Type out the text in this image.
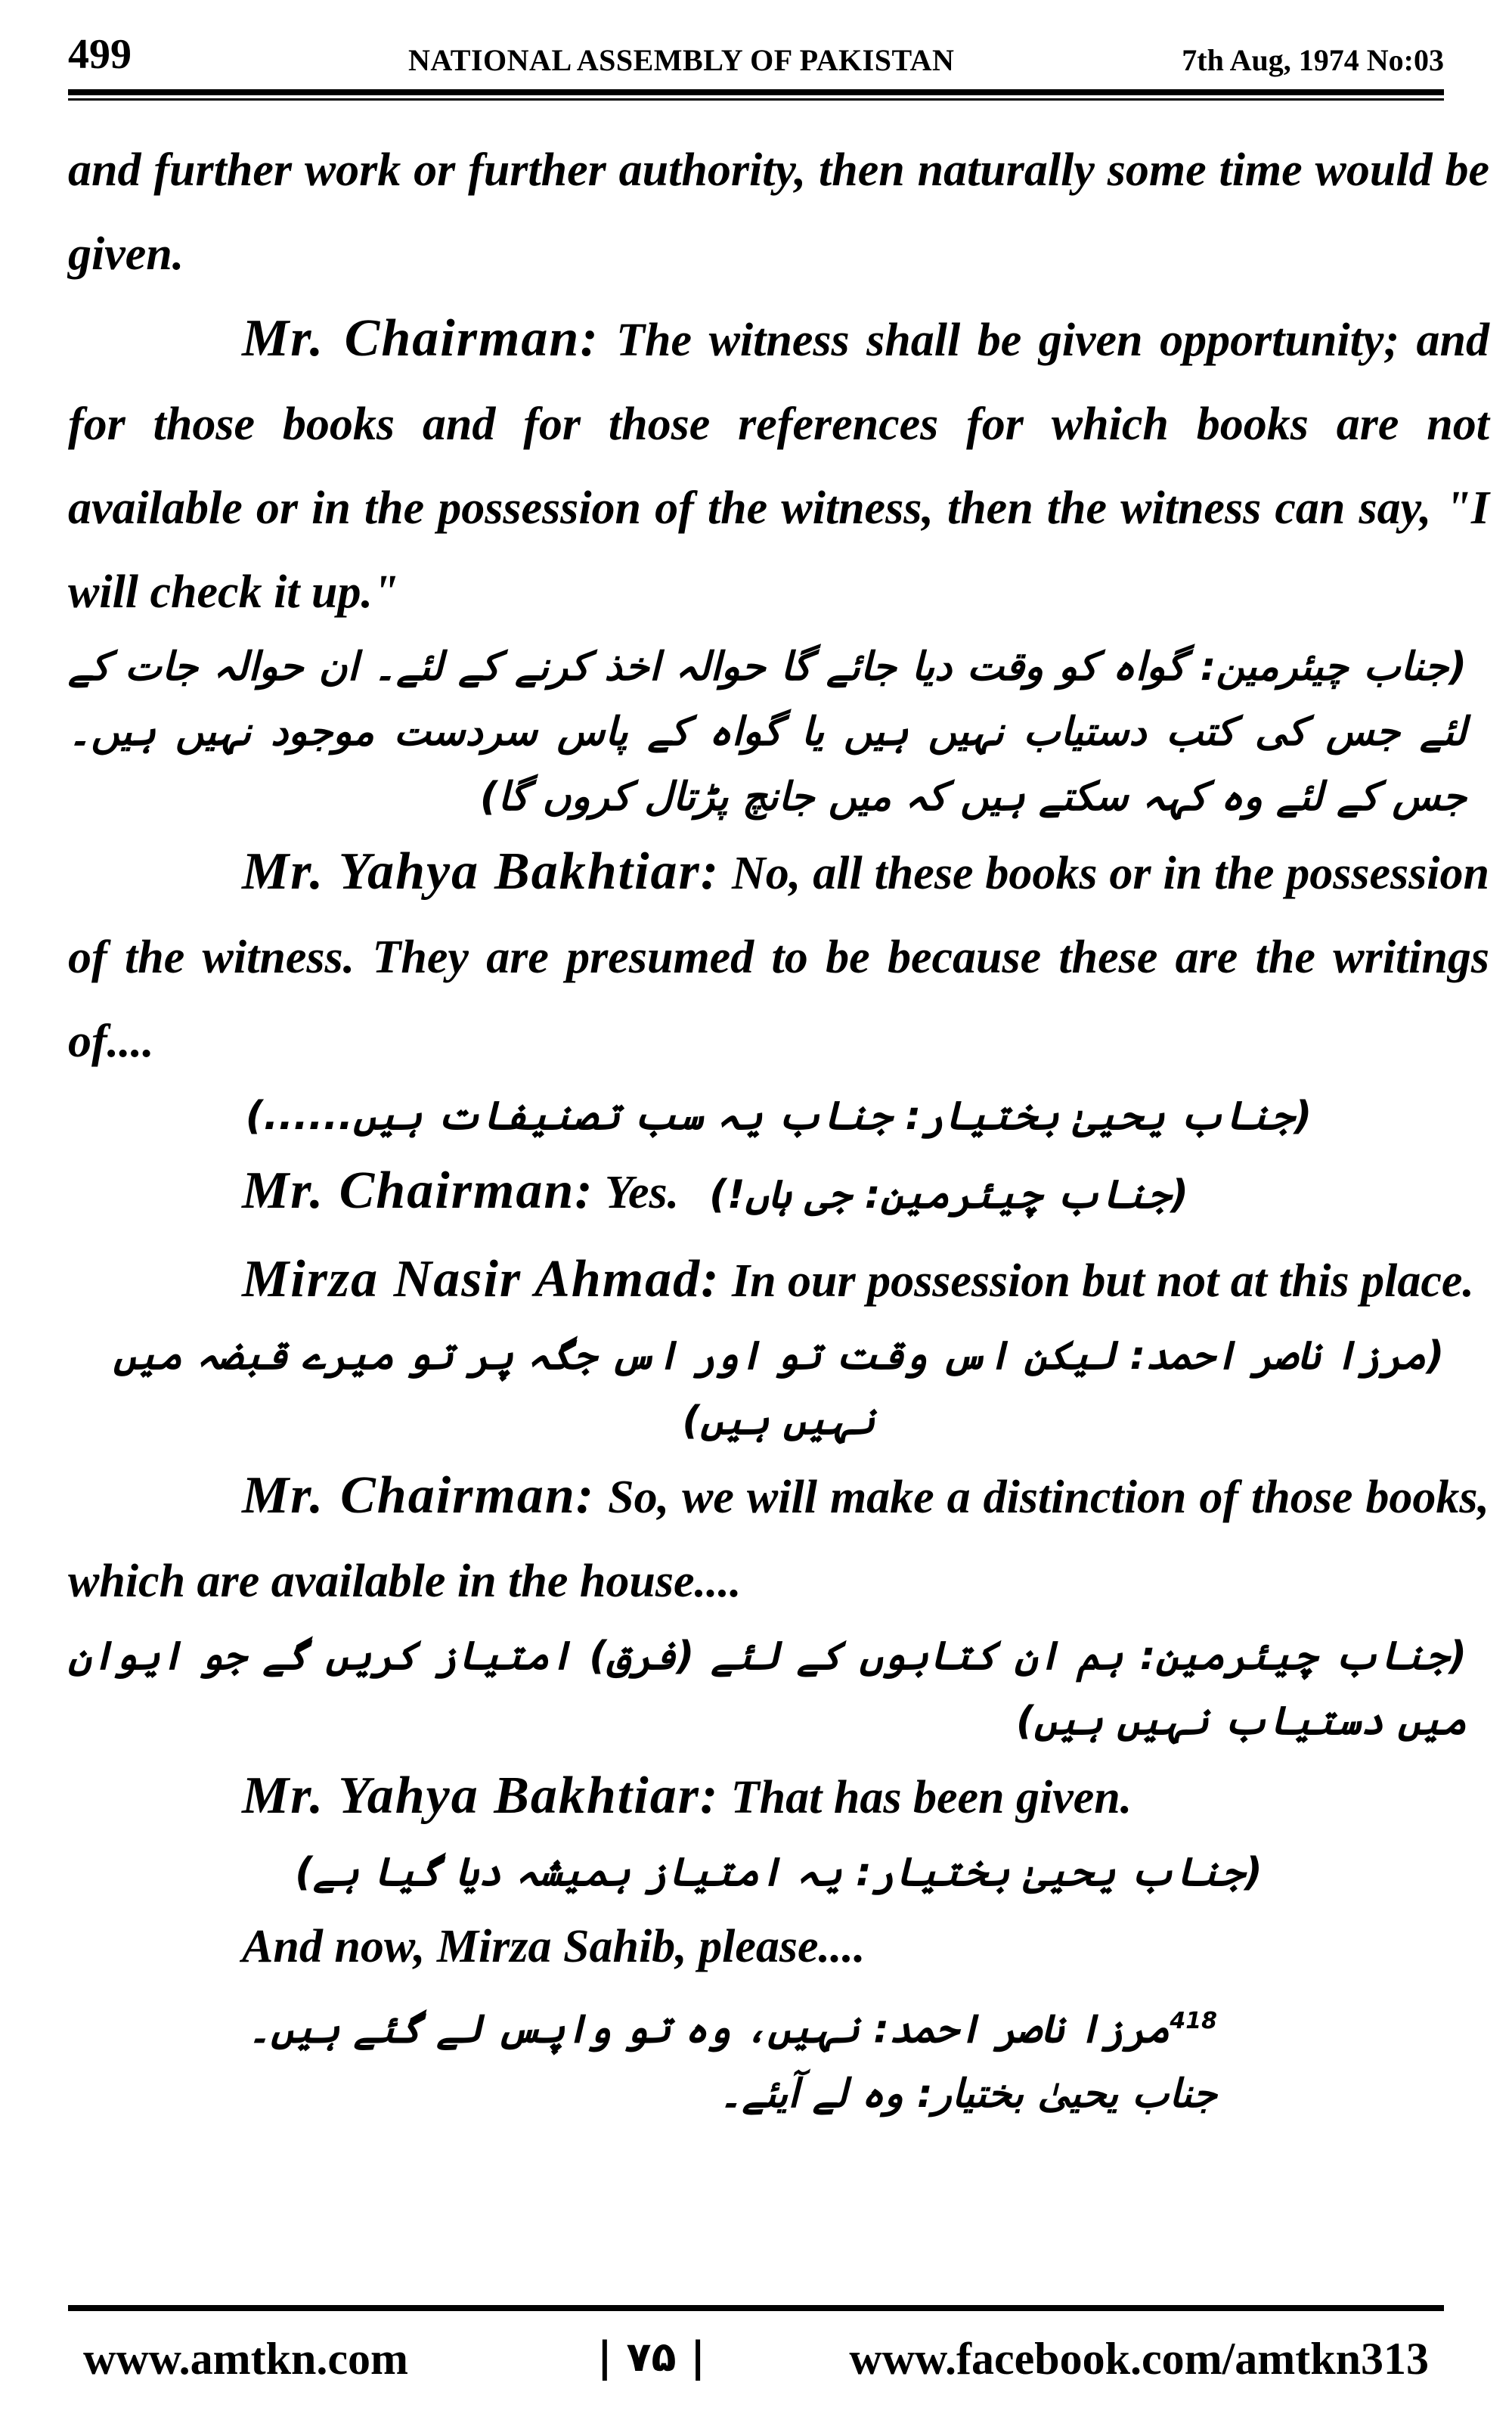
499	NATIONAL ASSEMBLY OF PAKISTAN	7th Aug, 1974 No:03

and further work or further authority, then naturally some time would be given.

Mr. Chairman: The witness shall be given opportunity; and for those books and for those references for which books are not available or in the possession of the witness, then the witness can say, "I will check it up."

(جناب چیئرمین: گواہ کو وقت دیا جائے گا حوالہ اخذ کرنے کے لئے۔ ان حوالہ جات کے لئے جس کی کتب دستیاب نہیں ہیں یا گواہ کے پاس سردست موجود نہیں ہیں۔ جس کے لئے وہ کہہ سکتے ہیں کہ میں جانچ پڑتال کروں گا)

Mr. Yahya Bakhtiar: No, all these books or in the possession of the witness. They are presumed to be because these are the writings of....

(جناب یحییٰ بختیار: جناب یہ سب تصنیفات ہیں......)

Mr. Chairman: Yes. (جناب چیئرمین: جی ہاں!)

Mirza Nasir Ahmad: In our possession but not at this place.

(مرزا ناصر احمد: لیکن اس وقت تو اور اس جگہ پر تو میرے قبضہ میں نہیں ہیں)

Mr. Chairman: So, we will make a distinction of those books, which are available in the house....

(جناب چیئرمین: ہم ان کتابوں کے لئے (فرق) امتیاز کریں گے جو ایوان میں دستیاب نہیں ہیں)

Mr. Yahya Bakhtiar: That has been given.

(جناب یحییٰ بختیار: یہ امتیاز ہمیشہ دیا گیا ہے)

And now, Mirza Sahib, please....

$^{418}$مرزا ناصر احمد: نہیں، وہ تو واپس لے گئے ہیں۔

جناب یحییٰ بختیار: وہ لے آیئے۔

www.amtkn.com	| ۷۵ |	www.facebook.com/amtkn313
